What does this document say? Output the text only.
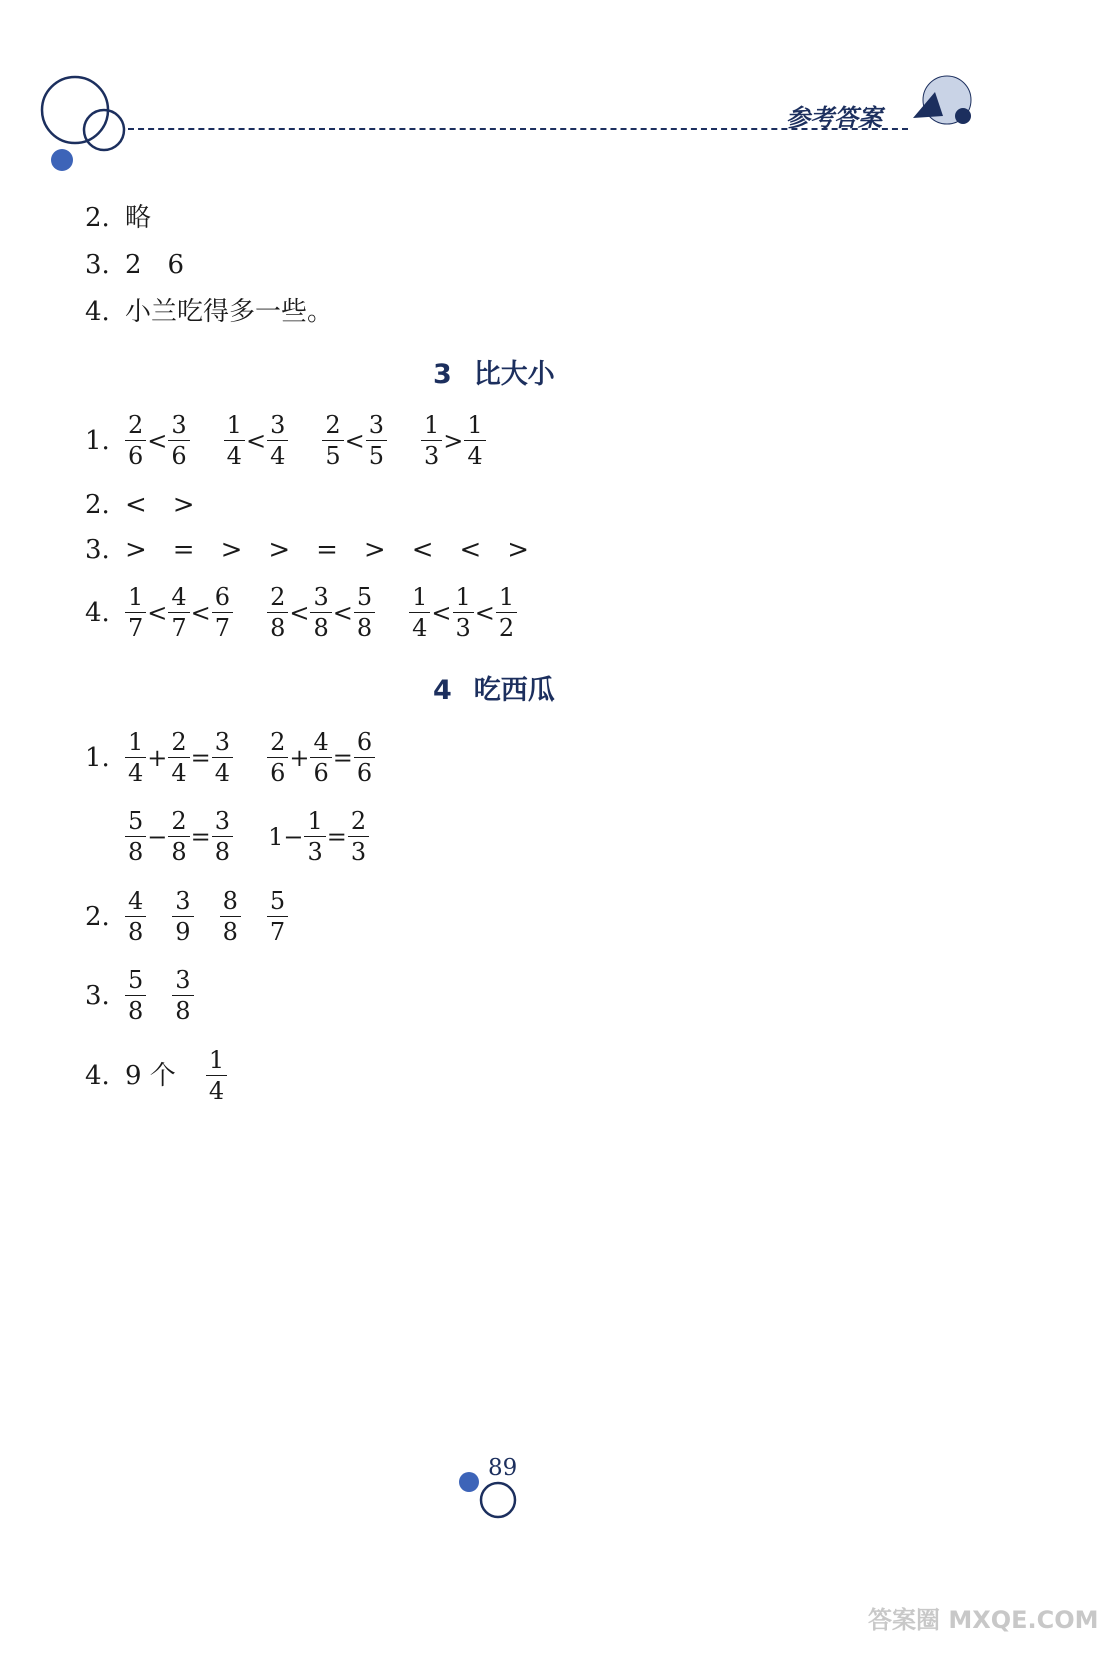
参考答案
2. 略
3. 2　6
4. 小兰吃得多一些。
3 比大小
1. $\frac{2}{6} < \frac{3}{6} \frac{1}{4} < \frac{3}{4} \frac{2}{5} < \frac{3}{5} \frac{1}{3} > \frac{1}{4}$
2. <　>
3. >　=　>　>　=　>　<　<　>
4. $\frac{1}{7} < \frac{4}{7} < \frac{6}{7} \frac{2}{8} < \frac{3}{8} < \frac{5}{8} \frac{1}{4} < \frac{1}{3} < \frac{1}{2}$
4 吃西瓜
1. $\frac{1}{4} + \frac{2}{4} = \frac{3}{4} \frac{2}{6} + \frac{4}{6} = \frac{6}{6}$
$\frac{5}{8} - \frac{2}{8} = \frac{3}{8} 1- \frac{1}{3} = \frac{2}{3}$
2. $\frac{4}{8} \frac{3}{9} \frac{8}{8} \frac{5}{7}$
3. $\frac{5}{8} \frac{3}{8}$
4. 9 个 $\frac{1}{4}$
89
答案圈 MXQE.COM
